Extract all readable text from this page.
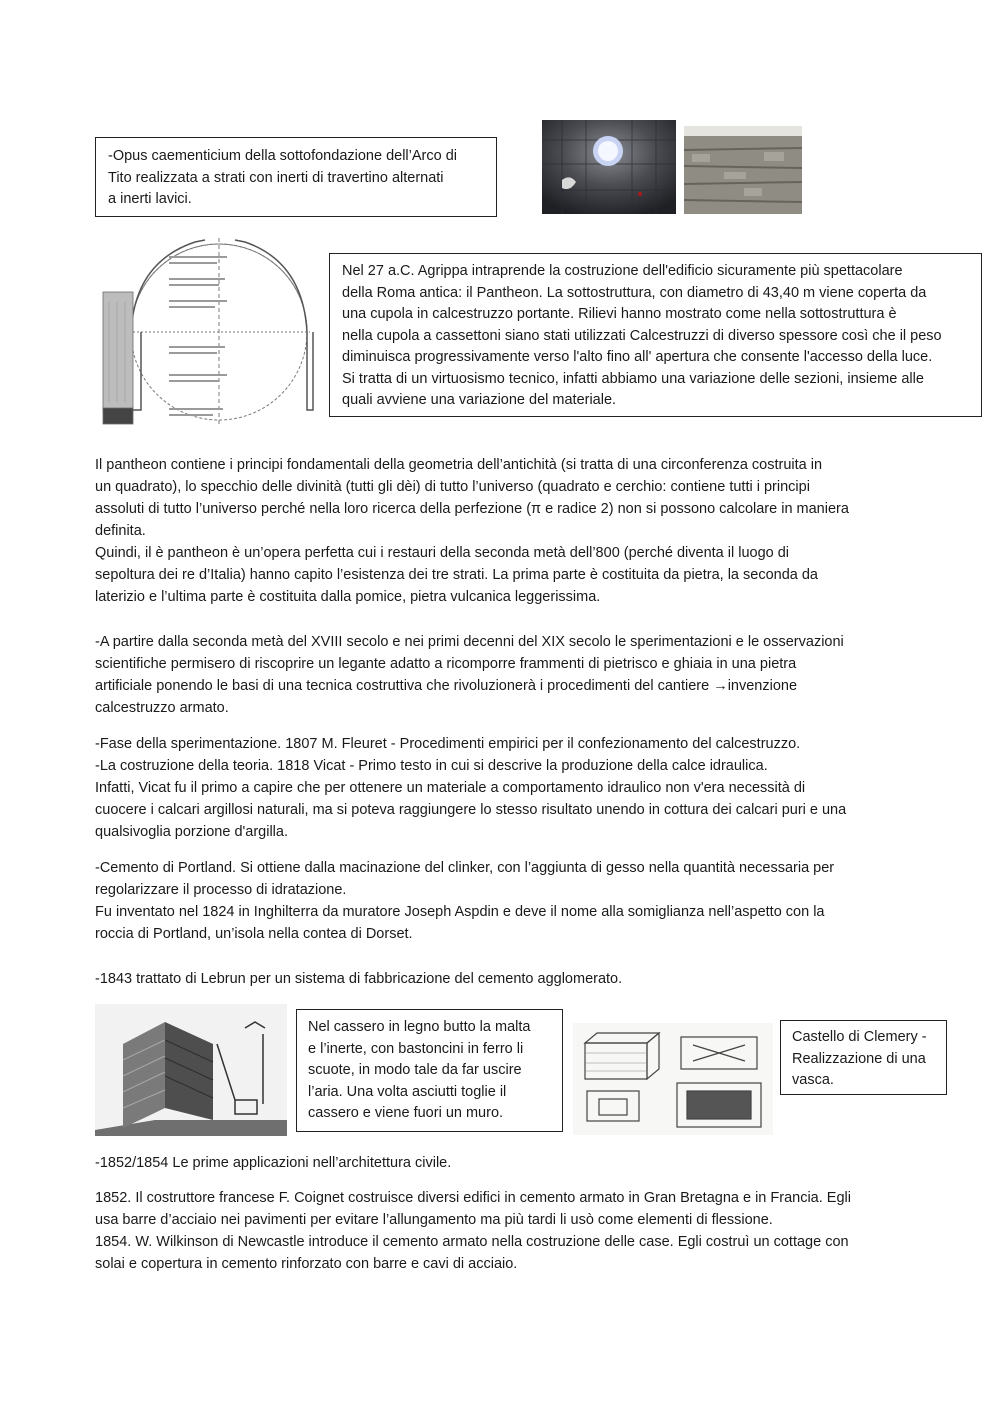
-Opus caementicium della sottofondazione dell’Arco di
Tito realizzata a strati con inerti di travertino alternati
a inerti lavici.
Nel 27 a.C. Agrippa intraprende la costruzione dell'edificio sicuramente più spettacolare
della Roma antica: il Pantheon. La sottostruttura, con diametro di 43,40 m viene coperta da
una cupola in calcestruzzo portante. Rilievi hanno mostrato come nella sottostruttura è
nella cupola a cassettoni siano stati utilizzati Calcestruzzi di diverso spessore così che il peso
diminuisca progressivamente verso l'alto fino all' apertura che consente l'accesso della luce.
Si tratta di un virtuosismo tecnico, infatti abbiamo una variazione delle sezioni, insieme alle
quali avviene una variazione del materiale.
Il pantheon contiene i principi fondamentali della geometria dell’antichità (si tratta di una circonferenza costruita in
un quadrato), lo specchio delle divinità (tutti gli dèi) di tutto l’universo (quadrato e cerchio: contiene tutti i principi
assoluti di tutto l’universo perché nella loro ricerca della perfezione (π e radice 2) non si possono calcolare in maniera
definita.
Quindi, il è pantheon è un’opera perfetta cui i restauri della seconda metà dell’800 (perché diventa il luogo di
sepoltura dei re d’Italia) hanno capito l’esistenza dei tre strati. La prima parte è costituita da pietra, la seconda da
laterizio e l’ultima parte è costituita dalla pomice, pietra vulcanica leggerissima.
-A partire dalla seconda metà del XVIII secolo e nei primi decenni del XIX secolo le sperimentazioni e le osservazioni
scientifiche permisero di riscoprire un legante adatto a ricomporre frammenti di pietrisco e ghiaia in una pietra
artificiale ponendo le basi di una tecnica costruttiva che rivoluzionerà i procedimenti del cantiere →invenzione
calcestruzzo armato.
-Fase della sperimentazione. 1807 M. Fleuret - Procedimenti empirici per il confezionamento del calcestruzzo.
-La costruzione della teoria. 1818 Vicat - Primo testo in cui si descrive la produzione della calce idraulica.
Infatti, Vicat fu il primo a capire che per ottenere un materiale a comportamento idraulico non v'era necessità di
cuocere i calcari argillosi naturali, ma si poteva raggiungere lo stesso risultato unendo in cottura dei calcari puri e una
qualsivoglia porzione d'argilla.
-Cemento di Portland. Si ottiene dalla macinazione del clinker, con l’aggiunta di gesso nella quantità necessaria per
regolarizzare il processo di idratazione.
Fu inventato nel 1824 in Inghilterra da muratore Joseph Aspdin e deve il nome alla somiglianza nell’aspetto con la
roccia di Portland, un’isola nella contea di Dorset.
-1843 trattato di Lebrun per un sistema di fabbricazione del cemento agglomerato.
Nel cassero in legno butto la malta
e l’inerte, con bastoncini in ferro li
scuote, in modo tale da far uscire
l’aria. Una volta asciutti toglie il
cassero e viene fuori un muro.
Castello di Clemery -
Realizzazione di una
vasca.
-1852/1854 Le prime applicazioni nell’architettura civile.
1852. Il costruttore francese F. Coignet costruisce diversi edifici in cemento armato in Gran Bretagna e in Francia. Egli
usa barre d’acciaio nei pavimenti per evitare l’allungamento ma più tardi li usò come elementi di flessione.
1854. W. Wilkinson di Newcastle introduce il cemento armato nella costruzione delle case. Egli costruì un cottage con
solai e copertura in cemento rinforzato con barre e cavi di acciaio.
